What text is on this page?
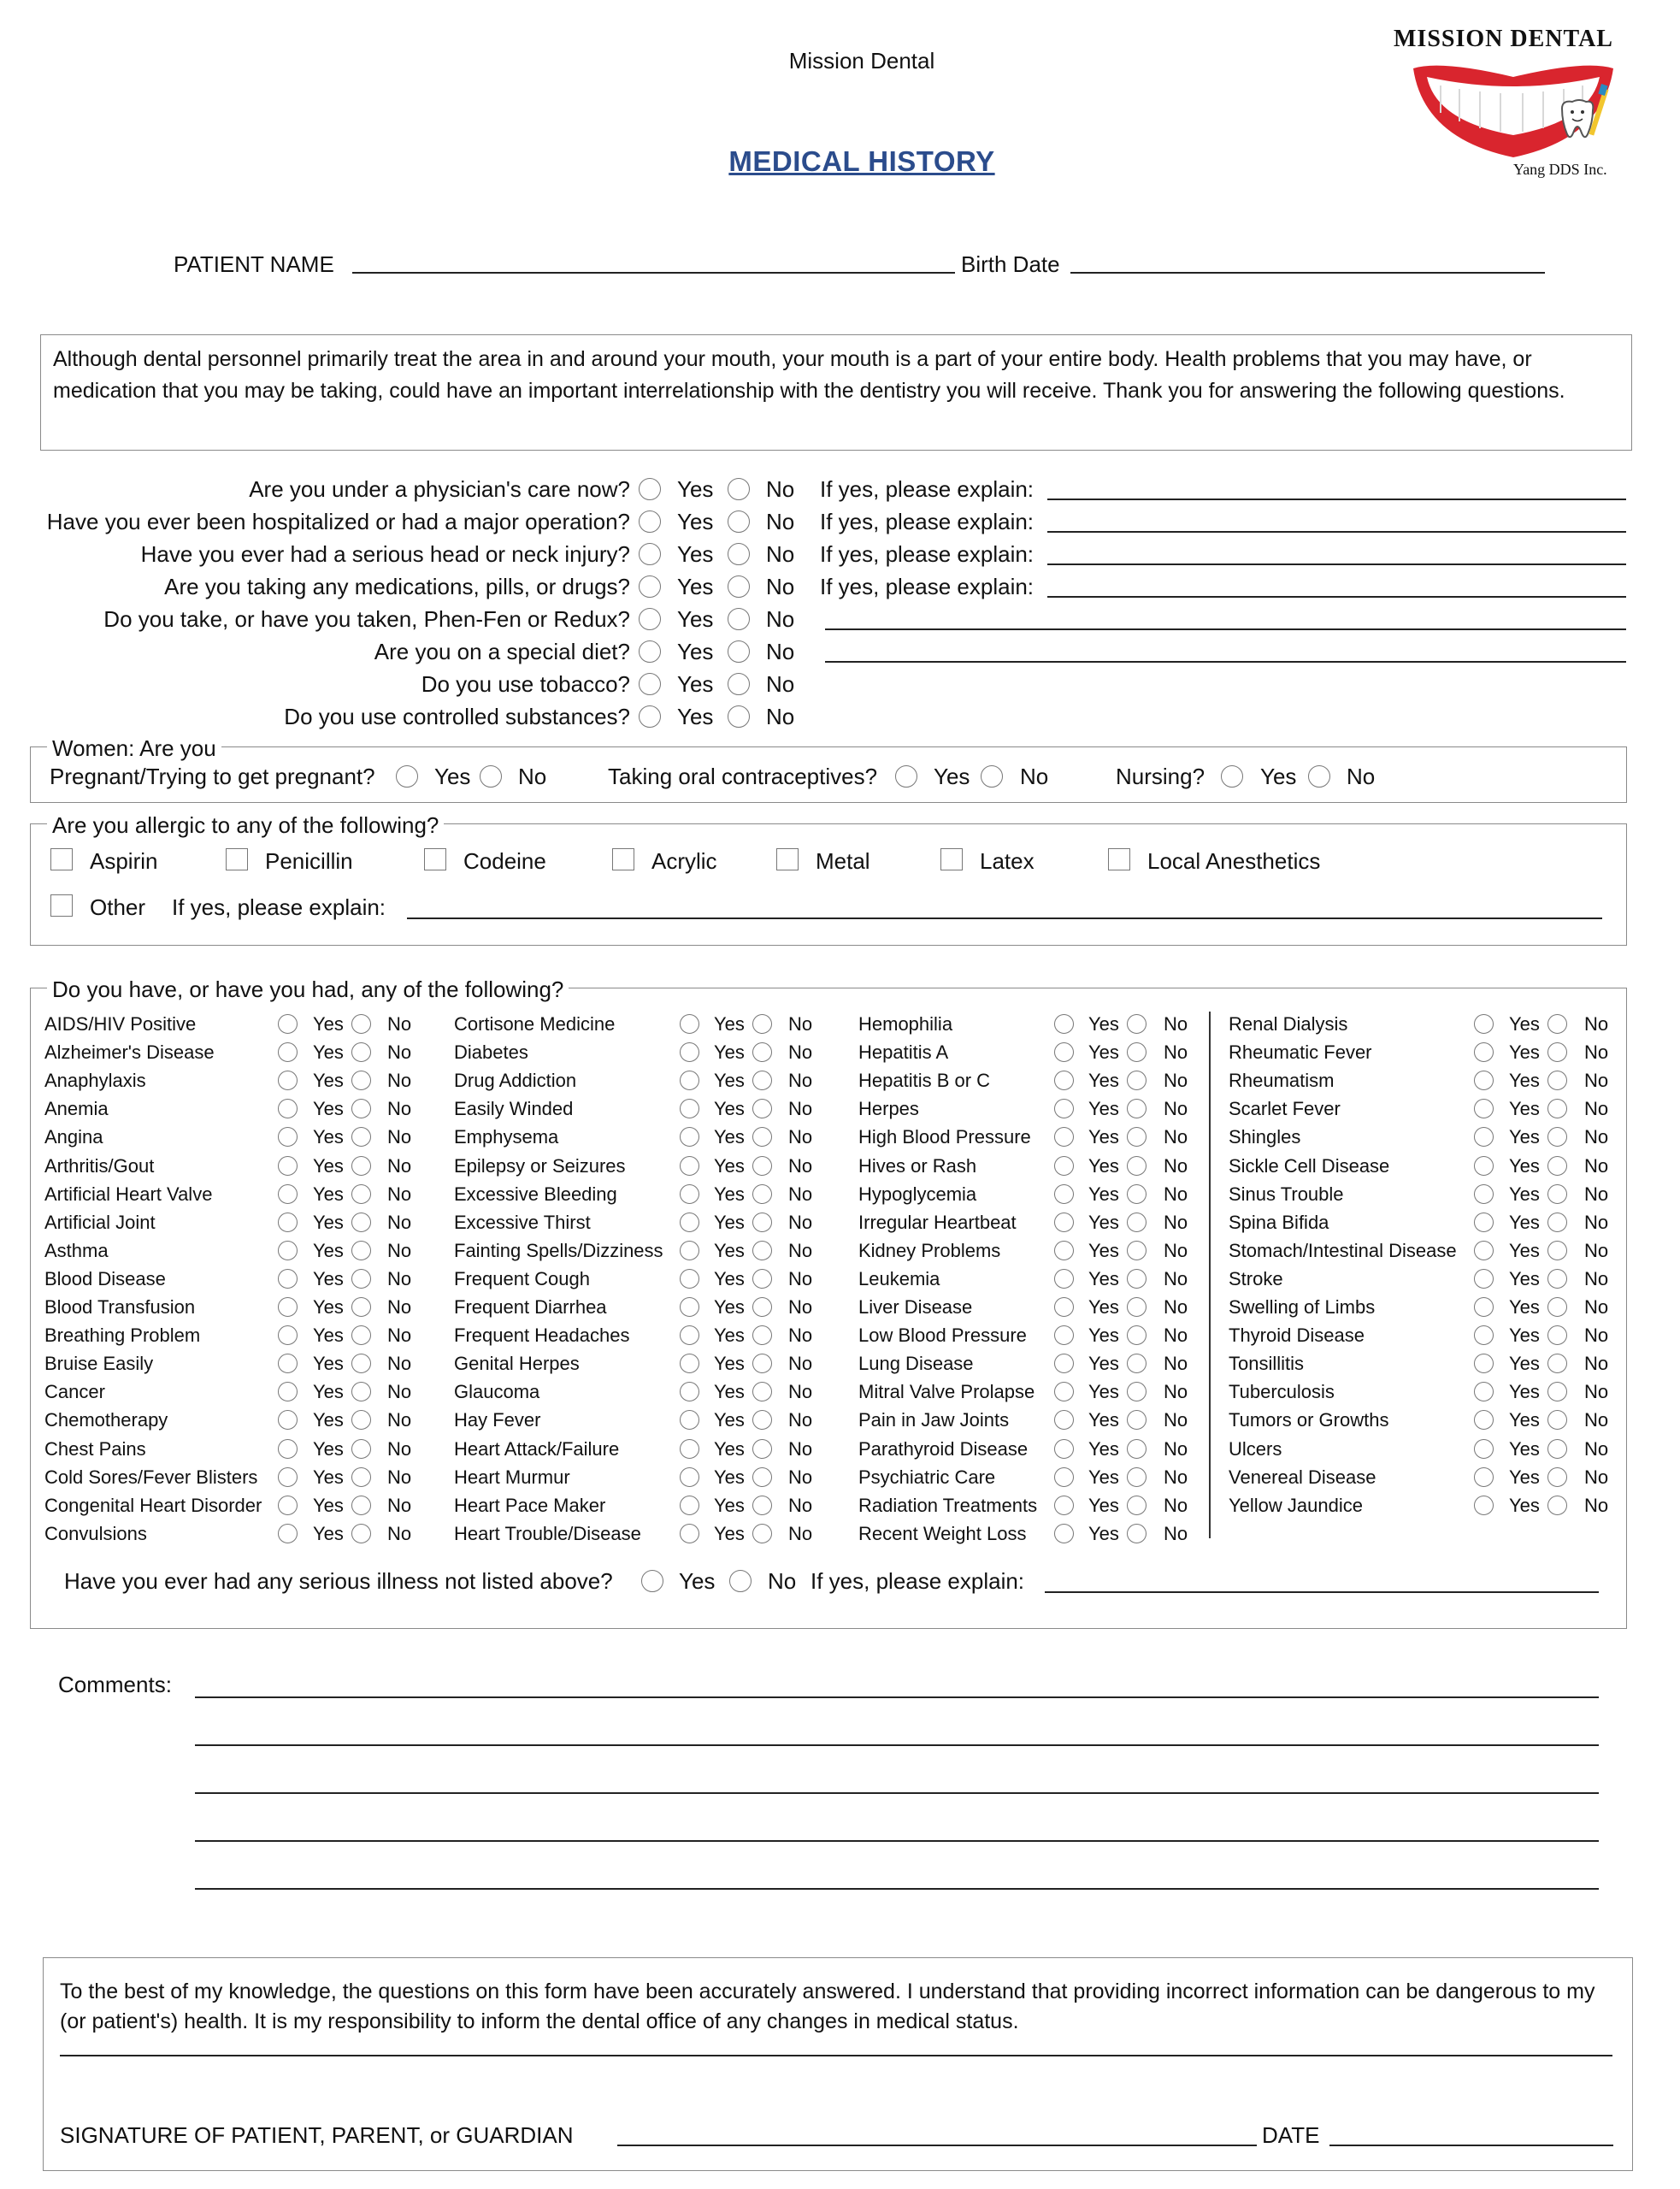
Mission Dental
MEDICAL HISTORY
MISSION DENTAL
Yang DDS Inc.
PATIENT NAME	Birth Date
Although dental personnel primarily treat the area in and around your mouth, your mouth is a part of your entire body. Health problems that you may have, or medication that you may be taking, could have an important interrelationship with the dentistry you will receive. Thank you for answering the following questions.
Are you under a physician's care now? Yes No If yes, please explain:
Have you ever been hospitalized or had a major operation? Yes No If yes, please explain:
Have you ever had a serious head or neck injury? Yes No If yes, please explain:
Are you taking any medications, pills, or drugs? Yes No If yes, please explain:
Do you take, or have you taken, Phen-Fen or Redux? Yes No
Are you on a special diet? Yes No
Do you use tobacco? Yes No
Do you use controlled substances? Yes No
Women: Are you
Pregnant/Trying to get pregnant?	Yes No	Taking oral contraceptives?	Yes No	Nursing? Yes No
Are you allergic to any of the following?
Aspirin	Penicillin	Codeine	Acrylic	Metal	Latex	Local Anesthetics
Other If yes, please explain:
Do you have, or have you had, any of the following?
AIDS/HIV Positive	Yes No
Alzheimer's Disease	Yes No
Anaphylaxis	Yes No
Anemia	Yes No
Angina	Yes No
Arthritis/Gout	Yes No
Artificial Heart Valve	Yes No
Artificial Joint	Yes No
Asthma	Yes No
Blood Disease	Yes No
Blood Transfusion	Yes No
Breathing Problem	Yes No
Bruise Easily	Yes No
Cancer	Yes No
Chemotherapy	Yes No
Chest Pains	Yes No
Cold Sores/Fever Blisters	Yes No
Congenital Heart Disorder	Yes No
Convulsions	Yes No
Cortisone Medicine	Yes No
Diabetes	Yes No
Drug Addiction	Yes No
Easily Winded	Yes No
Emphysema	Yes No
Epilepsy or Seizures	Yes No
Excessive Bleeding	Yes No
Excessive Thirst	Yes No
Fainting Spells/Dizziness	Yes No
Frequent Cough	Yes No
Frequent Diarrhea	Yes No
Frequent Headaches	Yes No
Genital Herpes	Yes No
Glaucoma	Yes No
Hay Fever	Yes No
Heart Attack/Failure	Yes No
Heart Murmur	Yes No
Heart Pace Maker	Yes No
Heart Trouble/Disease	Yes No
Hemophilia	Yes No
Hepatitis A	Yes No
Hepatitis B or C	Yes No
Herpes	Yes No
High Blood Pressure	Yes No
Hives or Rash	Yes No
Hypoglycemia	Yes No
Irregular Heartbeat	Yes No
Kidney Problems	Yes No
Leukemia	Yes No
Liver Disease	Yes No
Low Blood Pressure	Yes No
Lung Disease	Yes No
Mitral Valve Prolapse	Yes No
Pain in Jaw Joints	Yes No
Parathyroid Disease	Yes No
Psychiatric Care	Yes No
Radiation Treatments	Yes No
Recent Weight Loss	Yes No
Renal Dialysis	Yes No
Rheumatic Fever	Yes No
Rheumatism	Yes No
Scarlet Fever	Yes No
Shingles	Yes No
Sickle Cell Disease	Yes No
Sinus Trouble	Yes No
Spina Bifida	Yes No
Stomach/Intestinal Disease	Yes No
Stroke	Yes No
Swelling of Limbs	Yes No
Thyroid Disease	Yes No
Tonsillitis	Yes No
Tuberculosis	Yes No
Tumors or Growths	Yes No
Ulcers	Yes No
Venereal Disease	Yes No
Yellow Jaundice	Yes No
Have you ever had any serious illness not listed above?	Yes No If yes, please explain:
Comments:
To the best of my knowledge, the questions on this form have been accurately answered. I understand that providing incorrect information can be dangerous to my (or patient's) health. It is my responsibility to inform the dental office of any changes in medical status.
SIGNATURE OF PATIENT, PARENT, or GUARDIAN	DATE
